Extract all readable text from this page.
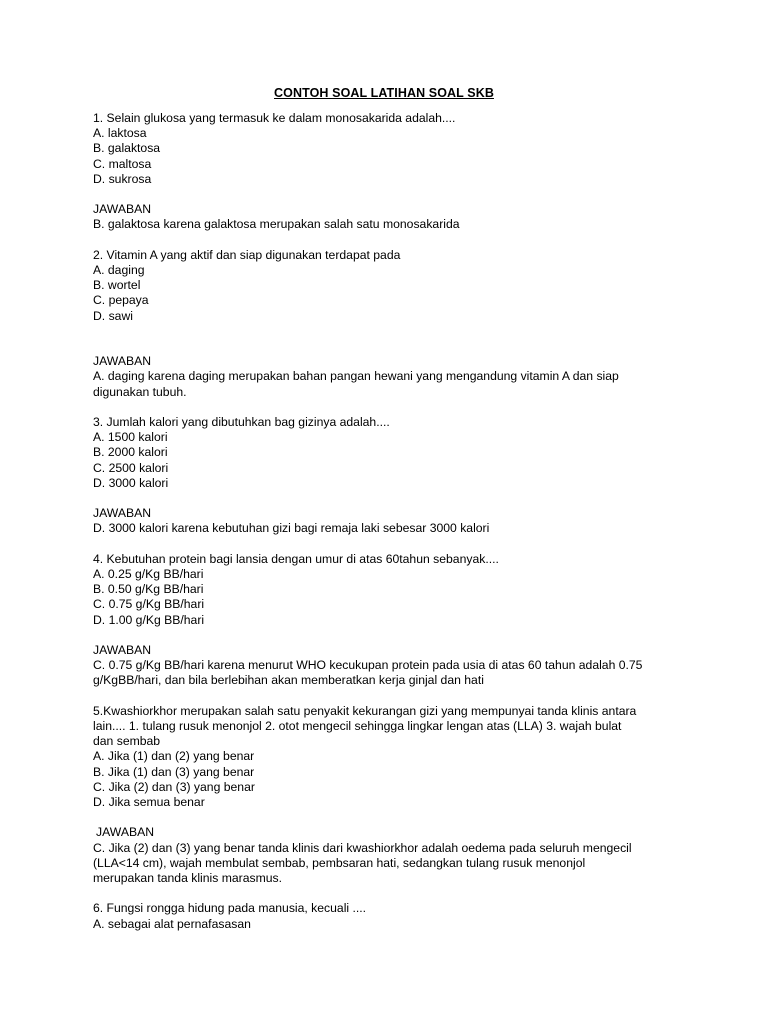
CONTOH SOAL LATIHAN SOAL SKB
1. Selain glukosa yang termasuk ke dalam monosakarida adalah....
A. laktosa
B. galaktosa
C. maltosa
D. sukrosa
JAWABAN
B. galaktosa karena galaktosa merupakan salah satu monosakarida
2. Vitamin A yang aktif dan siap digunakan terdapat pada
A. daging
B. wortel
C. pepaya
D. sawi
JAWABAN
A. daging karena daging merupakan bahan pangan hewani yang mengandung vitamin A dan siap
digunakan tubuh.
3. Jumlah kalori yang dibutuhkan bag gizinya adalah....
A. 1500 kalori
B. 2000 kalori
C. 2500 kalori
D. 3000 kalori
JAWABAN
D. 3000 kalori karena kebutuhan gizi bagi remaja laki sebesar 3000 kalori
4. Kebutuhan protein bagi lansia dengan umur di atas 60tahun sebanyak....
A. 0.25 g/Kg BB/hari
B. 0.50 g/Kg BB/hari
C. 0.75 g/Kg BB/hari
D. 1.00 g/Kg BB/hari
JAWABAN
C. 0.75 g/Kg BB/hari karena menurut WHO kecukupan protein pada usia di atas 60 tahun adalah 0.75
g/KgBB/hari, dan bila berlebihan akan memberatkan kerja ginjal dan hati
5.Kwashiorkhor merupakan salah satu penyakit kekurangan gizi yang mempunyai tanda klinis antara
lain.... 1. tulang rusuk menonjol 2. otot mengecil sehingga lingkar lengan atas (LLA) 3. wajah bulat
dan sembab
A. Jika (1) dan (2) yang benar
B. Jika (1) dan (3) yang benar
C. Jika (2) dan (3) yang benar
D. Jika semua benar
JAWABAN
C. Jika (2) dan (3) yang benar tanda klinis dari kwashiorkhor adalah oedema pada seluruh mengecil
(LLA<14 cm), wajah membulat sembab, pembsaran hati, sedangkan tulang rusuk menonjol
merupakan tanda klinis marasmus.
6. Fungsi rongga hidung pada manusia, kecuali ....
A. sebagai alat pernafasasan
